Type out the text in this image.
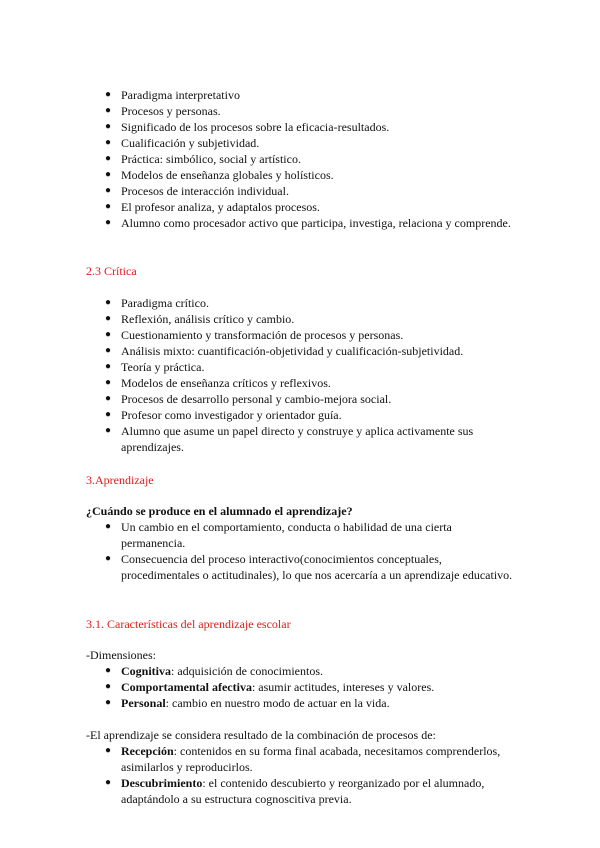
● Paradigma interpretativo
● Procesos y personas.
● Significado de los procesos sobre la eficacia-resultados.
● Cualificación y subjetividad.
● Práctica: simbólico, social y artístico.
● Modelos de enseñanza globales y holísticos.
● Procesos de interacción individual.
● El profesor analiza, y adaptalos procesos.
● Alumno como procesador activo que participa, investiga, relaciona y comprende.
2.3 Crítica
● Paradigma crítico.
● Reflexión, análisis crítico y cambio.
● Cuestionamiento y transformación de procesos y personas.
● Análisis mixto: cuantificación-objetividad y cualificación-subjetividad.
● Teoría y práctica.
● Modelos de enseñanza críticos y reflexivos.
● Procesos de desarrollo personal y cambio-mejora social.
● Profesor como investigador y orientador guía.
● Alumno que asume un papel directo y construye y aplica activamente sus aprendizajes.
3.Aprendizaje
¿Cuándo se produce en el alumnado el aprendizaje?
● Un cambio en el comportamiento, conducta o habilidad de una cierta permanencia.
● Consecuencia del proceso interactivo(conocimientos conceptuales, procedimentales o actitudinales), lo que nos acercaría a un aprendizaje educativo.
3.1. Características del aprendizaje escolar
-Dimensiones:
● Cognitiva: adquisición de conocimientos.
● Comportamental afectiva: asumir actitudes, intereses y valores.
● Personal: cambio en nuestro modo de actuar en la vida.
-El aprendizaje se considera resultado de la combinación de procesos de:
● Recepción: contenidos en su forma final acabada, necesitamos comprenderlos, asimilarlos y reproducirlos.
● Descubrimiento: el contenido descubierto y reorganizado por el alumnado, adaptándolo a su estructura cognoscitiva previa.
